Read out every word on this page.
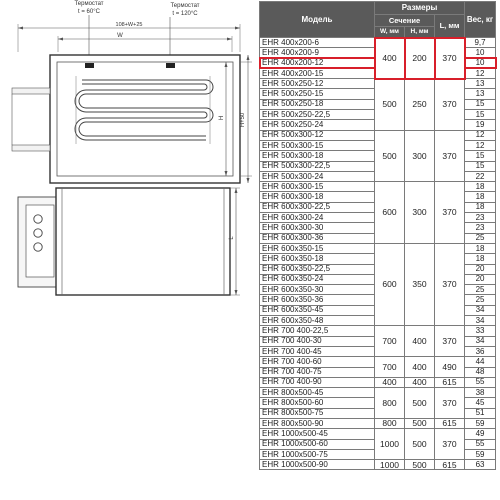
Термостат
t = 60°C
Термостат
t = 120°C
108+W+25
W
H	H+50
L
Модель	Размеры			Вес, кг
	Сечение		L, мм	
	W, мм	H, мм		
EHR 400x200-6	400	200	370	9,7
EHR 400x200-9				10
EHR 400x200-12				10
EHR 400x200-15				12
EHR 500x250-12	500	250	370	13
EHR 500x250-15				13
EHR 500x250-18				15
EHR 500x250-22,5				15
EHR 500x250-24				19
EHR 500x300-12	500	300	370	12
EHR 500x300-15				12
EHR 500x300-18				15
EHR 500x300-22,5				15
EHR 500x300-24				22
EHR 600x300-15	600	300	370	18
EHR 600x300-18				18
EHR 600x300-22,5				18
EHR 600x300-24				23
EHR 600x300-30				23
EHR 600x300-36				25
EHR 600x350-15	600	350	370	18
EHR 600x350-18				18
EHR 600x350-22,5				20
EHR 600x350-24				20
EHR 600x350-30				25
EHR 600x350-36				25
EHR 600x350-45				34
EHR 600x350-48				34
EHR 700 400-22,5	700	400	370	33
EHR 700 400-30				34
EHR 700 400-45				36
EHR 700 400-60	700	400	490	44
EHR 700 400-75				48
EHR 700 400-90	400	400	615	55
EHR 800x500-45	800	500	370	38
EHR 800x500-60				45
EHR 800x500-75				51
EHR 800x500-90	800	500	615	59
EHR 1000x500-45	1000	500	370	49
EHR 1000x500-60				55
EHR 1000x500-75				59
EHR 1000x500-90	1000	500	615	63
